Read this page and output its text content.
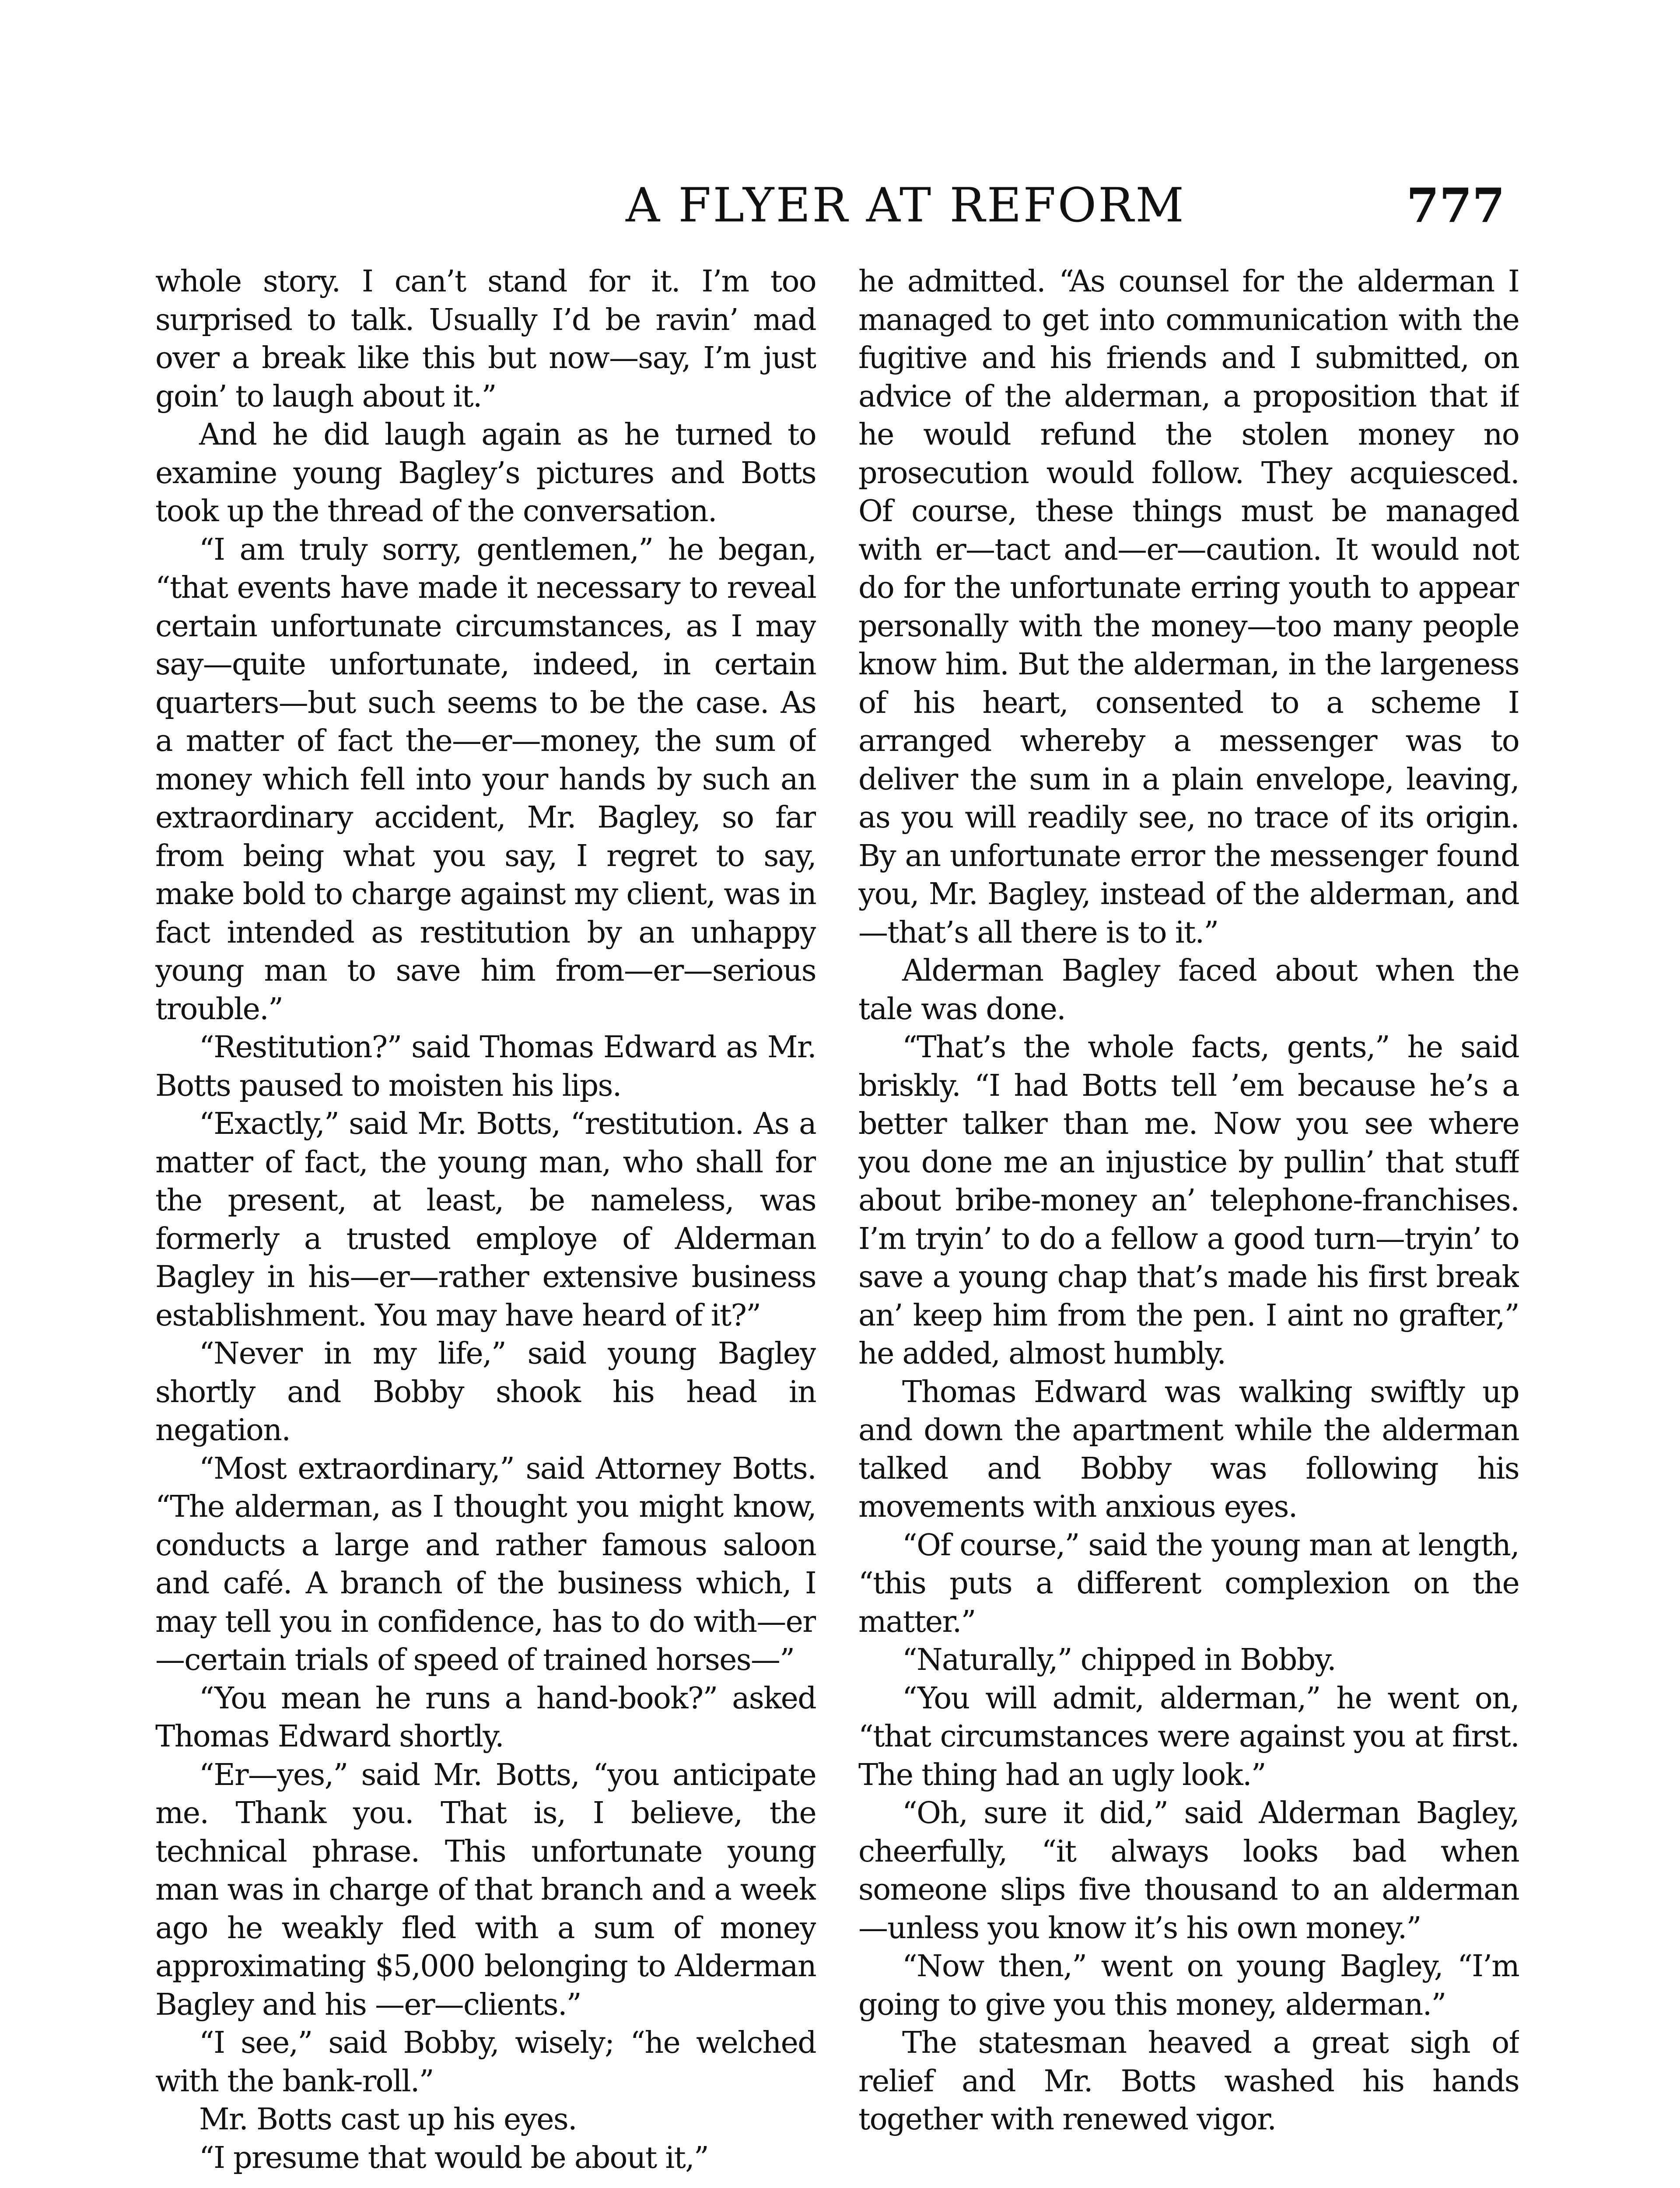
A FLYER AT REFORM	777

whole story. I can’t stand for it. I’m too surprised to talk. Usually I’d be ravin’ mad over a break like this but now—say, I’m just goin’ to laugh about it.”

And he did laugh again as he turned to examine young Bagley’s pictures and Botts took up the thread of the conversation.

“I am truly sorry, gentlemen,” he began, “that events have made it necessary to reveal certain unfortunate circumstances, as I may say—quite unfortunate, indeed, in certain quarters—but such seems to be the case. As a matter of fact the—er—money, the sum of money which fell into your hands by such an extraordinary accident, Mr. Bagley, so far from being what you say, I regret to say, make bold to charge against my client, was in fact intended as restitution by an unhappy young man to save him from—er—serious trouble.”

“Restitution?” said Thomas Edward as Mr. Botts paused to moisten his lips.

“Exactly,” said Mr. Botts, “restitution. As a matter of fact, the young man, who shall for the present, at least, be nameless, was formerly a trusted employe of Alderman Bagley in his—er—rather extensive business establishment. You may have heard of it?”

“Never in my life,” said young Bagley shortly and Bobby shook his head in negation.

“Most extraordinary,” said Attorney Botts. “The alderman, as I thought you might know, conducts a large and rather famous saloon and café. A branch of the business which, I may tell you in confidence, has to do with—er—certain trials of speed of trained horses—”

“You mean he runs a hand-book?” asked Thomas Edward shortly.

“Er—yes,” said Mr. Botts, “you anticipate me. Thank you. That is, I believe, the technical phrase. This unfortunate young man was in charge of that branch and a week ago he weakly fled with a sum of money approximating $5,000 belonging to Alderman Bagley and his —er—clients.”

“I see,” said Bobby, wisely; “he welched with the bank-roll.”

Mr. Botts cast up his eyes.

“I presume that would be about it,”

he admitted. “As counsel for the alderman I managed to get into communication with the fugitive and his friends and I submitted, on advice of the alderman, a proposition that if he would refund the stolen money no prosecution would follow. They acquiesced. Of course, these things must be managed with er—tact and—er—caution. It would not do for the unfortunate erring youth to appear personally with the money—too many people know him. But the alderman, in the largeness of his heart, consented to a scheme I arranged whereby a messenger was to deliver the sum in a plain envelope, leaving, as you will readily see, no trace of its origin. By an unfortunate error the messenger found you, Mr. Bagley, instead of the alderman, and—that’s all there is to it.”

Alderman Bagley faced about when the tale was done.

“That’s the whole facts, gents,” he said briskly. “I had Botts tell ’em because he’s a better talker than me. Now you see where you done me an injustice by pullin’ that stuff about bribe-money an’ telephone-franchises. I’m tryin’ to do a fellow a good turn—tryin’ to save a young chap that’s made his first break an’ keep him from the pen. I aint no grafter,” he added, almost humbly.

Thomas Edward was walking swiftly up and down the apartment while the alderman talked and Bobby was following his movements with anxious eyes.

“Of course,” said the young man at length, “this puts a different complexion on the matter.”

“Naturally,” chipped in Bobby.

“You will admit, alderman,” he went on, “that circumstances were against you at first. The thing had an ugly look.”

“Oh, sure it did,” said Alderman Bagley, cheerfully, “it always looks bad when someone slips five thousand to an alderman—unless you know it’s his own money.”

“Now then,” went on young Bagley, “I’m going to give you this money, alderman.”

The statesman heaved a great sigh of relief and Mr. Botts washed his hands together with renewed vigor.
